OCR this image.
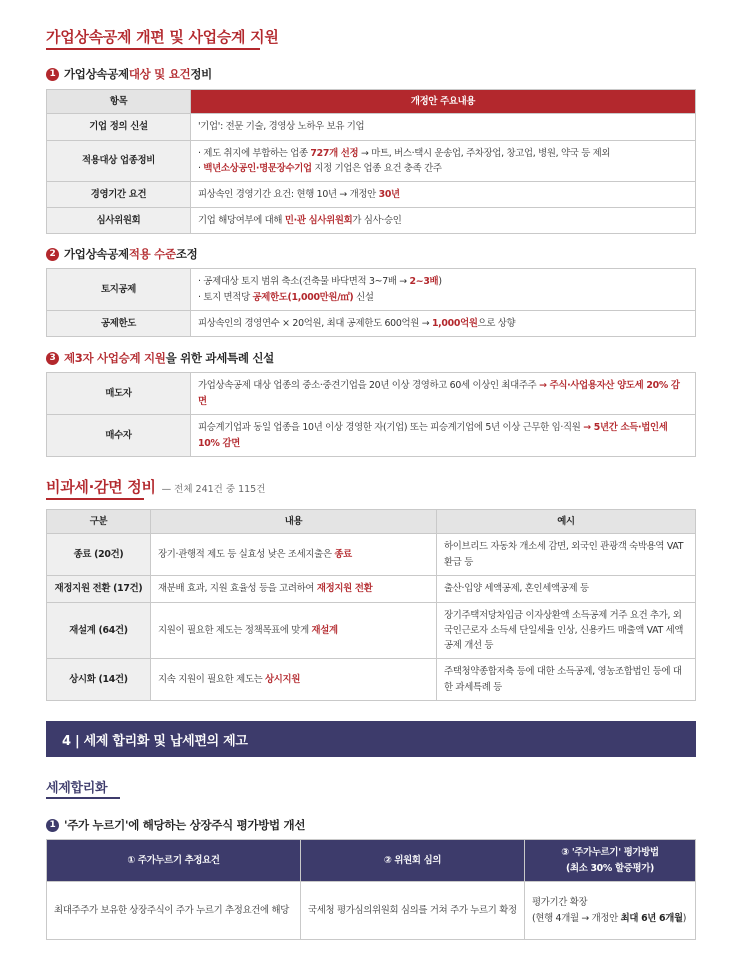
가업상속공제 개편 및 사업승계 지원
1 가업상속공제 대상 및 요건 정비
항목	개정안 주요내용
기업 정의 신설	'기업': 전문 기술, 경영상 노하우 보유 기업
적용대상 업종정비	· 제도 취지에 부합하는 업종 727개 선정 → 마트, 버스·택시 운송업, 주차장업, 창고업, 병원, 약국 등 제외
· 백년소상공인·명문장수기업 지정 기업은 업종 요건 충족 간주

경영기간 요건	피상속인 경영기간 요건: 현행 10년 → 개정안 30년
심사위원회	기업 해당여부에 대해 민·관 심사위원회가 심사·승인
2 가업상속공제 적용 수준 조정
토지공제	· 공제대상 토지 범위 축소(건축물 바닥면적 3~7배 → 2~3배)
· 토지 면적당 공제한도(1,000만원/㎡) 신설

공제한도	피상속인의 경영연수 × 20억원, 최대 공제한도 600억원 → 1,000억원으로 상향
3 제3자 사업승계 지원 을 위한 과세특례 신설
매도자	가업상속공제 대상 업종의 중소·중견기업을 20년 이상 경영하고 60세 이상인 최대주주 → 주식·사업용자산 양도세 20% 감면
매수자	피승계기업과 동일 업종을 10년 이상 경영한 자(기업) 또는 피승계기업에 5년 이상 근무한 임·직원 → 5년간 소득·법인세 10% 감면
비과세·감면 정비 — 전체 241건 중 115건
구분	내용	예시
종료 (20건)	장기·관행적 제도 등 실효성 낮은 조세지출은 종료	하이브리드 자동차 개소세 감면, 외국인 관광객 숙박용역 VAT 환급 등
재정지원 전환 (17건)	재분배 효과, 지원 효율성 등을 고려하여 재정지원 전환	출산·입양 세액공제, 혼인세액공제 등
재설계 (64건)	지원이 필요한 제도는 정책목표에 맞게 재설계	장기주택저당차입금 이자상환액 소득공제 거주 요건 추가, 외국인근로자 소득세 단일세율 인상, 신용카드 매출액 VAT 세액공제 개선 등
상시화 (14건)	지속 지원이 필요한 제도는 상시지원	주택청약종합저축 등에 대한 소득공제, 영농조합법인 등에 대한 과세특례 등
4 | 세제 합리화 및 납세편의 제고
세제합리화
1 '주가 누르기'에 해당하는 상장주식 평가방법 개선
① 주가누르기 추정요건	② 위원회 심의	③ '주가누르기' 평가방법
(최소 30% 할증평가)

최대주주가 보유한 상장주식이 주가 누르기 추정요건에 해당	국세청 평가심의위원회 심의를 거쳐 주가 누르기 확정	평가기간 확장
(현행 4개월 → 개정안 최대 6년 6개월)
